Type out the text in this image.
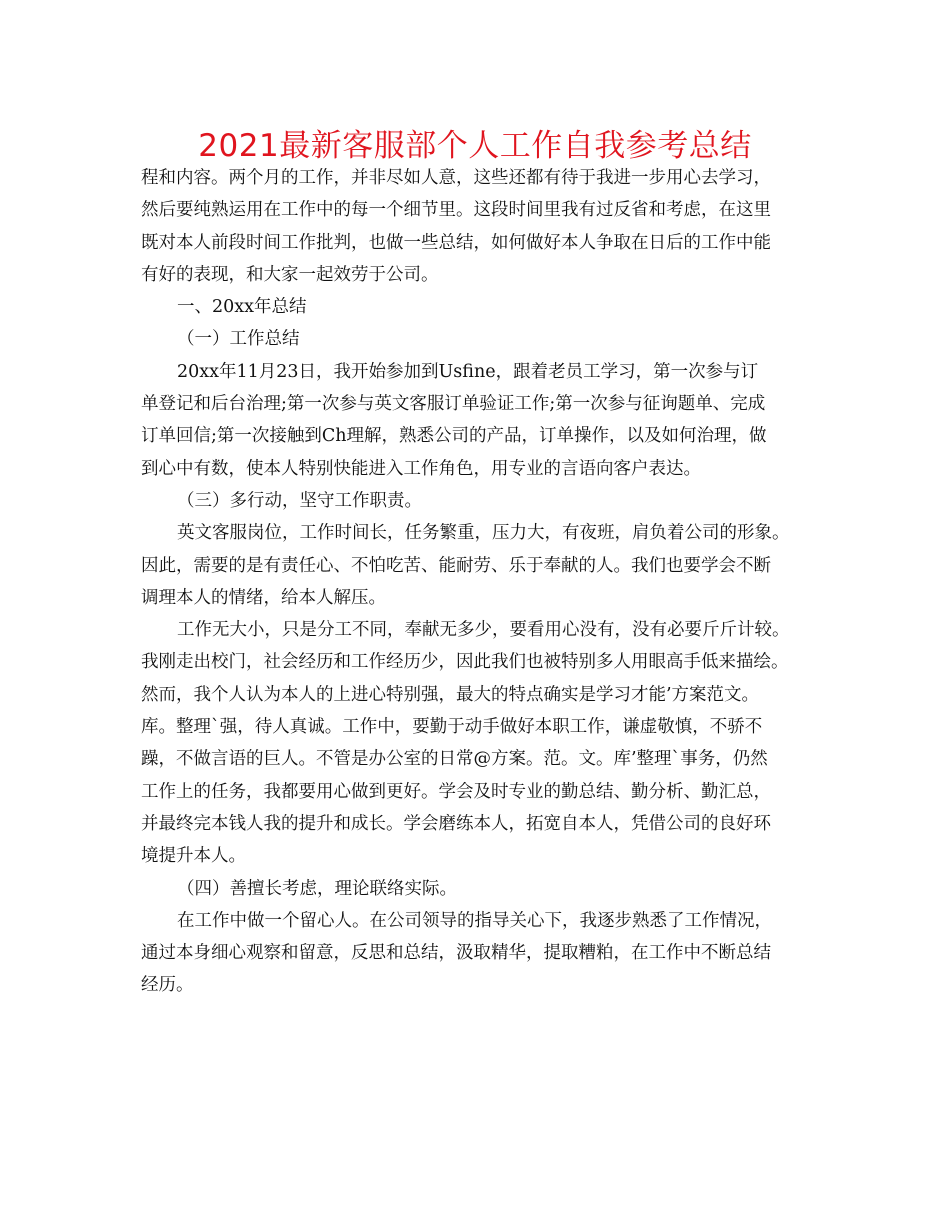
2021最新客服部个人工作自我参考总结
程和内容。两个月的工作，并非尽如人意，这些还都有待于我进一步用心去学习，
然后要纯熟运用在工作中的每一个细节里。这段时间里我有过反省和考虑，在这里
既对本人前段时间工作批判，也做一些总结，如何做好本人争取在日后的工作中能
有好的表现，和大家一起效劳于公司。
一、20xx年总结
（一）工作总结
20xx年11月23日，我开始参加到Usfine，跟着老员工学习，第一次参与订
单登记和后台治理;第一次参与英文客服订单验证工作;第一次参与征询题单、完成
订单回信;第一次接触到Ch理解，熟悉公司的产品，订单操作，以及如何治理，做
到心中有数，使本人特别快能进入工作角色，用专业的言语向客户表达。
（三）多行动，坚守工作职责。
英文客服岗位，工作时间长，任务繁重，压力大，有夜班，肩负着公司的形象。
因此，需要的是有责任心、不怕吃苦、能耐劳、乐于奉献的人。我们也要学会不断
调理本人的情绪，给本人解压。
工作无大小，只是分工不同，奉献无多少，要看用心没有，没有必要斤斤计较。
我刚走出校门，社会经历和工作经历少，因此我们也被特别多人用眼高手低来描绘。
然而，我个人认为本人的上进心特别强，最大的特点确实是学习才能’方案范文。
库。整理`强，待人真诚。工作中，要勤于动手做好本职工作，谦虚敬慎，不骄不
躁，不做言语的巨人。不管是办公室的日常@方案。范。文。库’整理`事务，仍然
工作上的任务，我都要用心做到更好。学会及时专业的勤总结、勤分析、勤汇总，
并最终完本钱人我的提升和成长。学会磨练本人，拓宽自本人，凭借公司的良好环
境提升本人。
（四）善擅长考虑，理论联络实际。
在工作中做一个留心人。在公司领导的指导关心下，我逐步熟悉了工作情况，
通过本身细心观察和留意，反思和总结，汲取精华，提取糟粕，在工作中不断总结
经历。
